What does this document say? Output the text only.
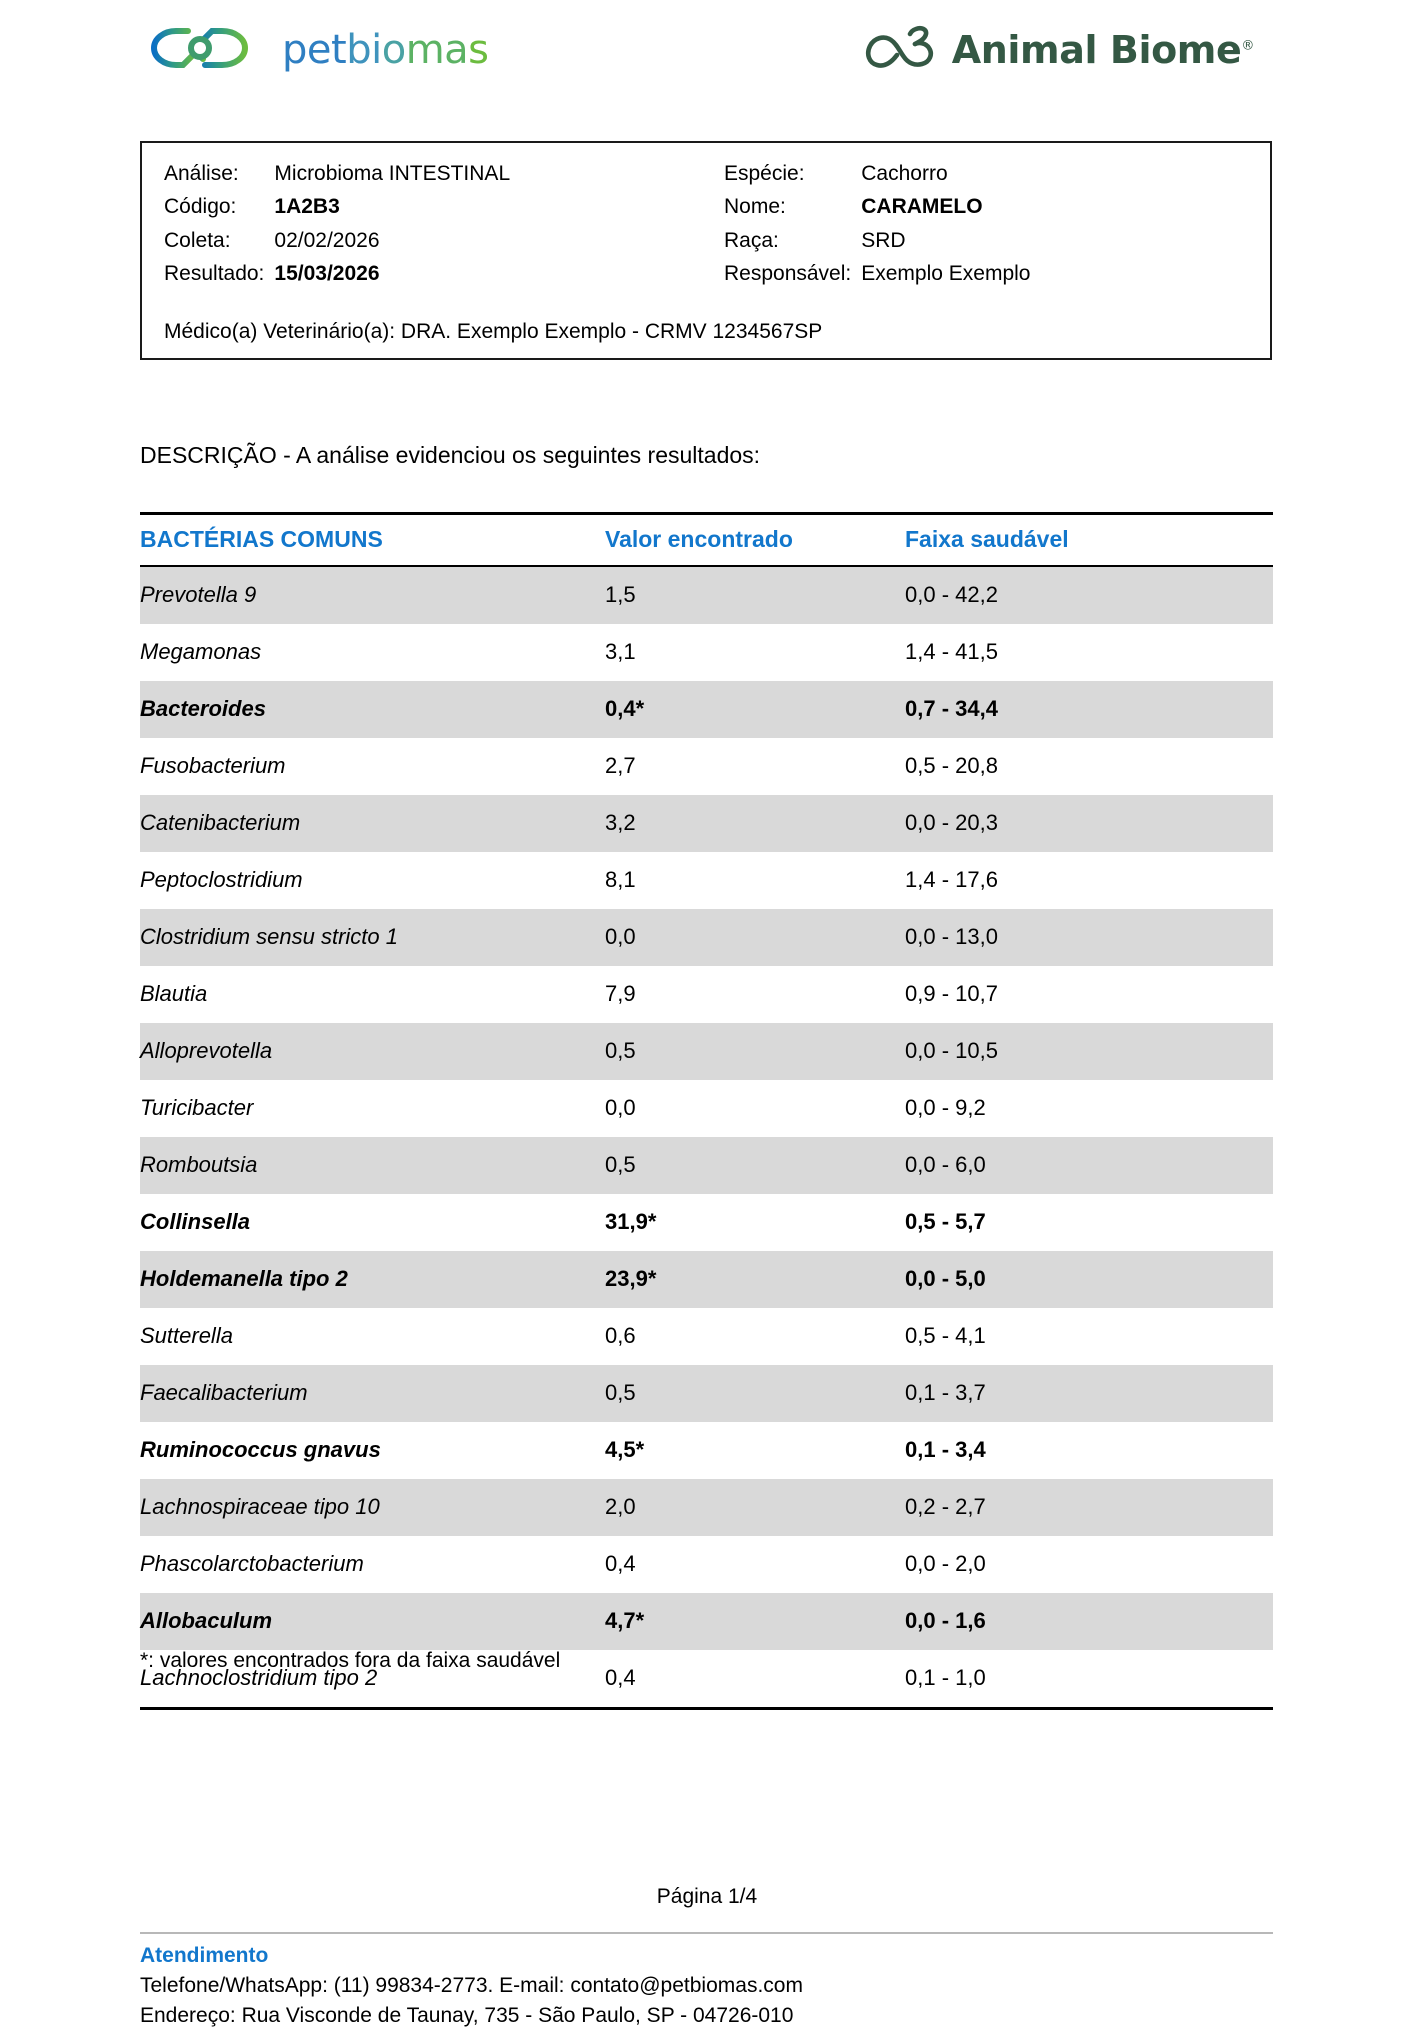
petbiomas	Animal Biome®
Análise:	Microbioma INTESTINAL
Código:	1A2B3
Coleta:	02/02/2026
Resultado: 15/03/2026
Espécie:	Cachorro
Nome:	CARAMELO
Raça:	SRD
Responsável: Exemplo Exemplo
Médico(a) Veterinário(a): DRA. Exemplo Exemplo - CRMV 1234567SP
DESCRIÇÃO - A análise evidenciou os seguintes resultados:
BACTÉRIAS COMUNS	Valor encontrado	Faixa saudável
Prevotella 9	1,5	0,0 - 42,2
Megamonas	3,1	1,4 - 41,5
Bacteroides	0,4*	0,7 - 34,4
Fusobacterium	2,7	0,5 - 20,8
Catenibacterium	3,2	0,0 - 20,3
Peptoclostridium	8,1	1,4 - 17,6
Clostridium sensu stricto 1	0,0	0,0 - 13,0
Blautia	7,9	0,9 - 10,7
Alloprevotella	0,5	0,0 - 10,5
Turicibacter	0,0	0,0 - 9,2
Romboutsia	0,5	0,0 - 6,0
Collinsella	31,9*	0,5 - 5,7
Holdemanella tipo 2	23,9*	0,0 - 5,0
Sutterella	0,6	0,5 - 4,1
Faecalibacterium	0,5	0,1 - 3,7
Ruminococcus gnavus	4,5*	0,1 - 3,4
Lachnospiraceae tipo 10	2,0	0,2 - 2,7
Phascolarctobacterium	0,4	0,0 - 2,0
Allobaculum	4,7*	0,0 - 1,6
Lachnoclostridium tipo 2	0,4	0,1 - 1,0
*: valores encontrados fora da faixa saudável
Página 1/4
Atendimento
Telefone/WhatsApp: (11) 99834-2773. E-mail: contato@petbiomas.com
Endereço: Rua Visconde de Taunay, 735 - São Paulo, SP - 04726-010
